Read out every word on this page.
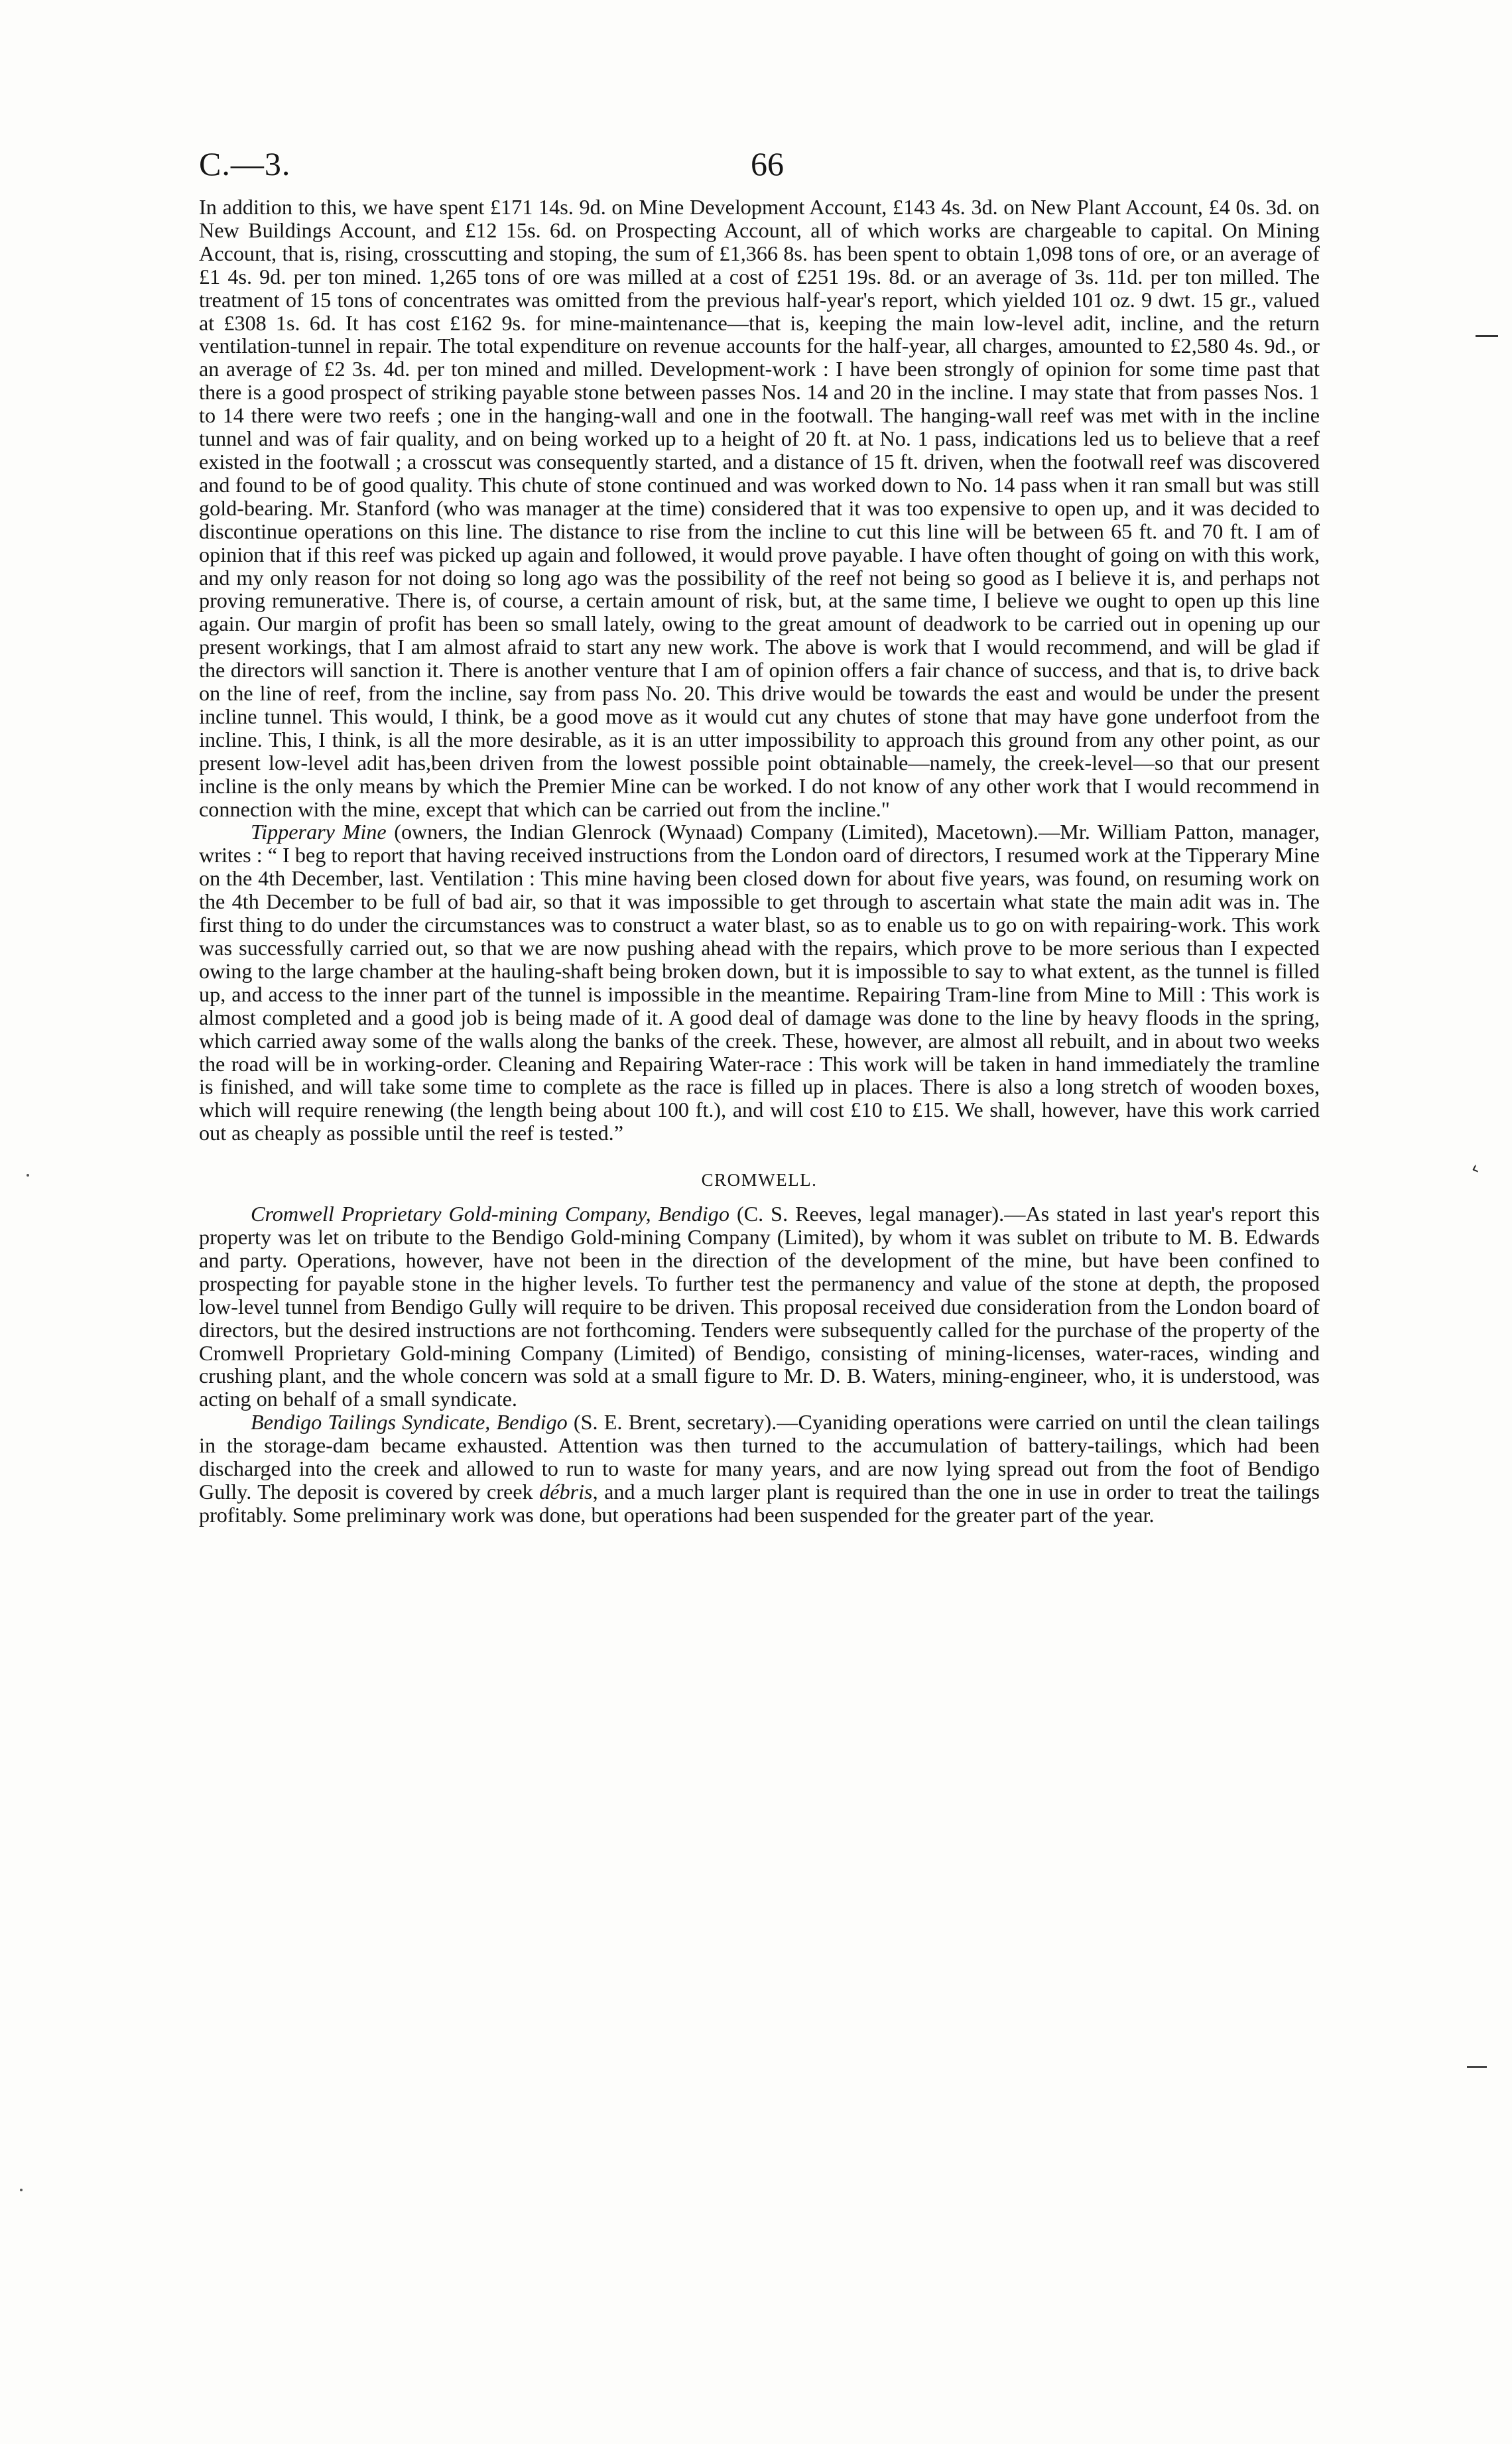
C.—3.	66

In addition to this, we have spent £171 14s. 9d. on Mine Development Account, £143 4s. 3d. on New Plant Account, £4 0s. 3d. on New Buildings Account, and £12 15s. 6d. on Prospecting Account, all of which works are chargeable to capital. On Mining Account, that is, rising, crosscutting and stoping, the sum of £1,366 8s. has been spent to obtain 1,098 tons of ore, or an average of £1 4s. 9d. per ton mined. 1,265 tons of ore was milled at a cost of £251 19s. 8d. or an average of 3s. 11d. per ton milled. The treatment of 15 tons of concentrates was omitted from the previous half-year's report, which yielded 101 oz. 9 dwt. 15 gr., valued at £308 1s. 6d. It has cost £162 9s. for mine-maintenance—that is, keeping the main low-level adit, incline, and the return ventilation-tunnel in repair. The total expenditure on revenue accounts for the half-year, all charges, amounted to £2,580 4s. 9d., or an average of £2 3s. 4d. per ton mined and milled. Development-work : I have been strongly of opinion for some time past that there is a good prospect of striking payable stone between passes Nos. 14 and 20 in the incline. I may state that from passes Nos. 1 to 14 there were two reefs ; one in the hanging-wall and one in the footwall. The hanging-wall reef was met with in the incline tunnel and was of fair quality, and on being worked up to a height of 20 ft. at No. 1 pass, indications led us to believe that a reef existed in the footwall ; a crosscut was consequently started, and a distance of 15 ft. driven, when the footwall reef was discovered and found to be of good quality. This chute of stone continued and was worked down to No. 14 pass when it ran small but was still gold-bearing. Mr. Stanford (who was manager at the time) considered that it was too expensive to open up, and it was decided to discontinue operations on this line. The distance to rise from the incline to cut this line will be between 65 ft. and 70 ft. I am of opinion that if this reef was picked up again and followed, it would prove payable. I have often thought of going on with this work, and my only reason for not doing so long ago was the possibility of the reef not being so good as I believe it is, and perhaps not proving remunerative. There is, of course, a certain amount of risk, but, at the same time, I believe we ought to open up this line again. Our margin of profit has been so small lately, owing to the great amount of deadwork to be carried out in opening up our present workings, that I am almost afraid to start any new work. The above is work that I would recommend, and will be glad if the directors will sanction it. There is another venture that I am of opinion offers a fair chance of success, and that is, to drive back on the line of reef, from the incline, say from pass No. 20. This drive would be towards the east and would be under the present incline tunnel. This would, I think, be a good move as it would cut any chutes of stone that may have gone underfoot from the incline. This, I think, is all the more desirable, as it is an utter impossibility to approach this ground from any other point, as our present low-level adit has,been driven from the lowest possible point obtainable—namely, the creek-level—so that our present incline is the only means by which the Premier Mine can be worked. I do not know of any other work that I would recommend in connection with the mine, except that which can be carried out from the incline."

Tipperary Mine (owners, the Indian Glenrock (Wynaad) Company (Limited), Macetown).—Mr. William Patton, manager, writes : “ I beg to report that having received instructions from the London oard of directors, I resumed work at the Tipperary Mine on the 4th December, last. Ventilation : This mine having been closed down for about five years, was found, on resuming work on the 4th December to be full of bad air, so that it was impossible to get through to ascertain what state the main adit was in. The first thing to do under the circumstances was to construct a water blast, so as to enable us to go on with repairing-work. This work was successfully carried out, so that we are now pushing ahead with the repairs, which prove to be more serious than I expected owing to the large chamber at the hauling-shaft being broken down, but it is impossible to say to what extent, as the tunnel is filled up, and access to the inner part of the tunnel is impossible in the meantime. Repairing Tram-line from Mine to Mill : This work is almost completed and a good job is being made of it. A good deal of damage was done to the line by heavy floods in the spring, which carried away some of the walls along the banks of the creek. These, however, are almost all rebuilt, and in about two weeks the road will be in working-order. Cleaning and Repairing Water-race : This work will be taken in hand immediately the tramline is finished, and will take some time to complete as the race is filled up in places. There is also a long stretch of wooden boxes, which will require renewing (the length being about 100 ft.), and will cost £10 to £15. We shall, however, have this work carried out as cheaply as possible until the reef is tested.”

CROMWELL.

Cromwell Proprietary Gold-mining Company, Bendigo (C. S. Reeves, legal manager).—As stated in last year's report this property was let on tribute to the Bendigo Gold-mining Company (Limited), by whom it was sublet on tribute to M. B. Edwards and party. Operations, however, have not been in the direction of the development of the mine, but have been confined to prospecting for payable stone in the higher levels. To further test the permanency and value of the stone at depth, the proposed low-level tunnel from Bendigo Gully will require to be driven. This proposal received due consideration from the London board of directors, but the desired instructions are not forthcoming. Tenders were subsequently called for the purchase of the property of the Cromwell Proprietary Gold-mining Company (Limited) of Bendigo, consisting of mining-licenses, water-races, winding and crushing plant, and the whole concern was sold at a small figure to Mr. D. B. Waters, mining-engineer, who, it is understood, was acting on behalf of a small syndicate.

Bendigo Tailings Syndicate, Bendigo (S. E. Brent, secretary).—Cyaniding operations were carried on until the clean tailings in the storage-dam became exhausted. Attention was then turned to the accumulation of battery-tailings, which had been discharged into the creek and allowed to run to waste for many years, and are now lying spread out from the foot of Bendigo Gully. The deposit is covered by creek débris, and a much larger plant is required than the one in use in order to treat the tailings profitably. Some preliminary work was done, but operations had been suspended for the greater part of the year.

‹
